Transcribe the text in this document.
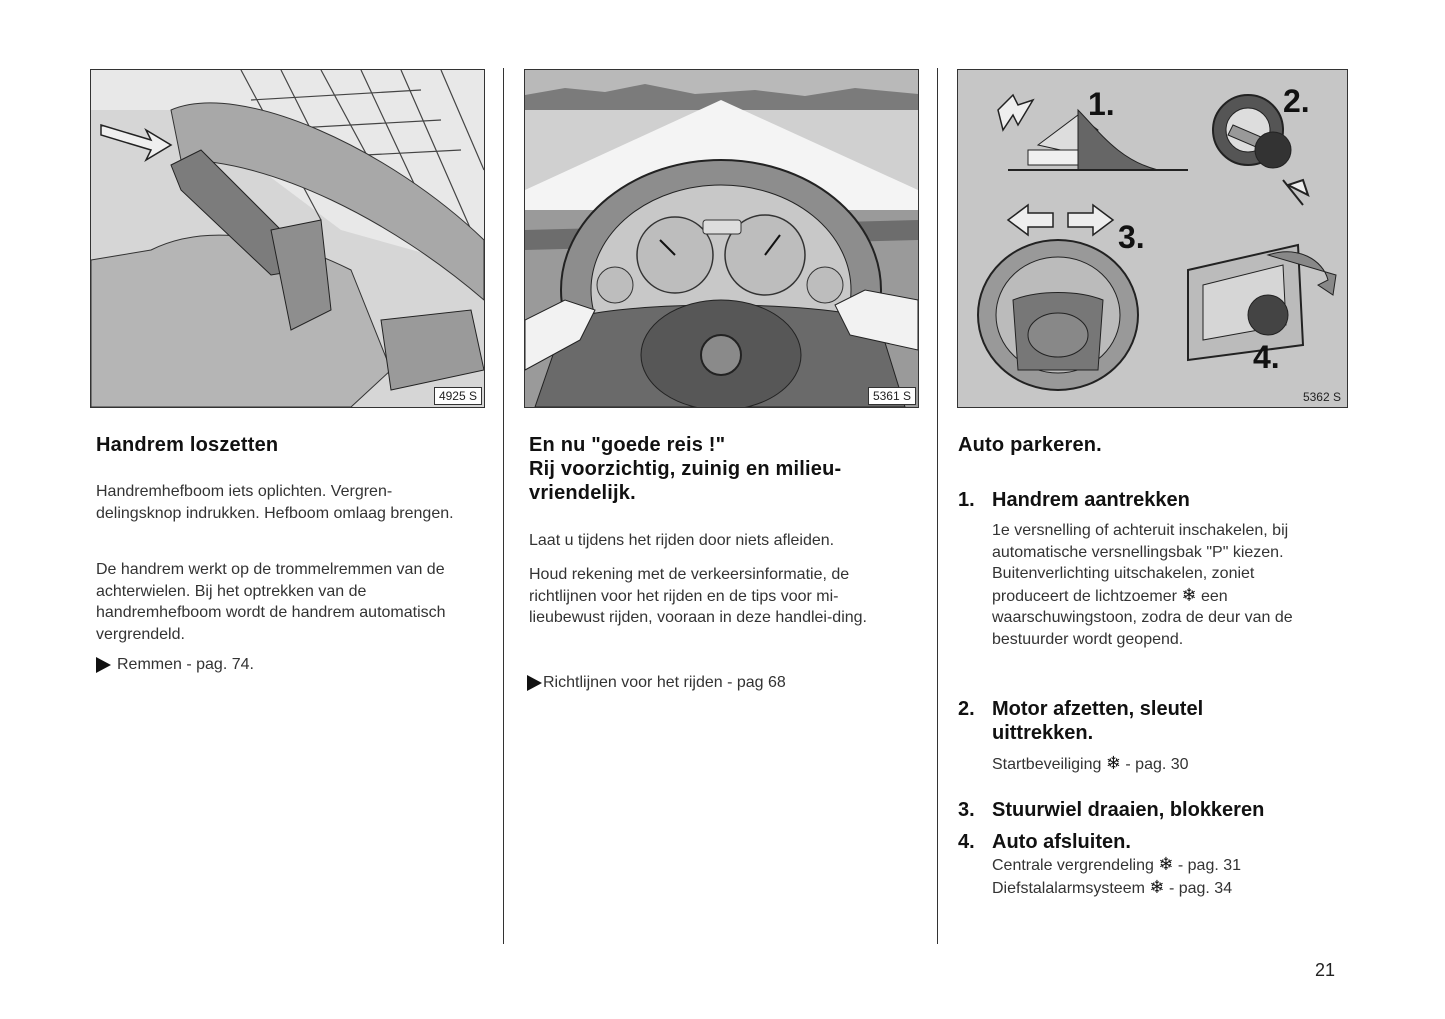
4925 S
Handrem loszetten

Handremhefboom iets oplichten. Vergren-delingsknop indrukken. Hefboom omlaag brengen.

De handrem werkt op de trommelremmen van de achterwielen. Bij het optrekken van de handremhefboom wordt de handrem automatisch vergrendeld.

Remmen - pag. 74.
5361 S
En nu "goede reis !"
Rij voorzichtig, zuinig en milieu-
vriendelijk.

Laat u tijdens het rijden door niets afleiden.

Houd rekening met de verkeersinformatie, de richtlijnen voor het rijden en de tips voor mi-lieubewust rijden, vooraan in deze handlei-ding.

Richtlijnen voor het rijden - pag 68
1.	2.
3.
4.
5362 S
Auto parkeren.
1. Handrem aantrekken
1e versnelling of achteruit inschakelen, bij automatische versnellingsbak "P" kiezen.
Buitenverlichting uitschakelen, zoniet produceert de lichtzoemer ❄ een waarschuwingstoon, zodra de deur van de bestuurder wordt geopend.
2. Motor afzetten, sleutel
uittrekken.
Startbeveiliging ❄ - pag. 30
3. Stuurwiel draaien, blokkeren
4. Auto afsluiten.
Centrale vergrendeling ❄ - pag. 31
Diefstalalarmsysteem ❄ - pag. 34
21
